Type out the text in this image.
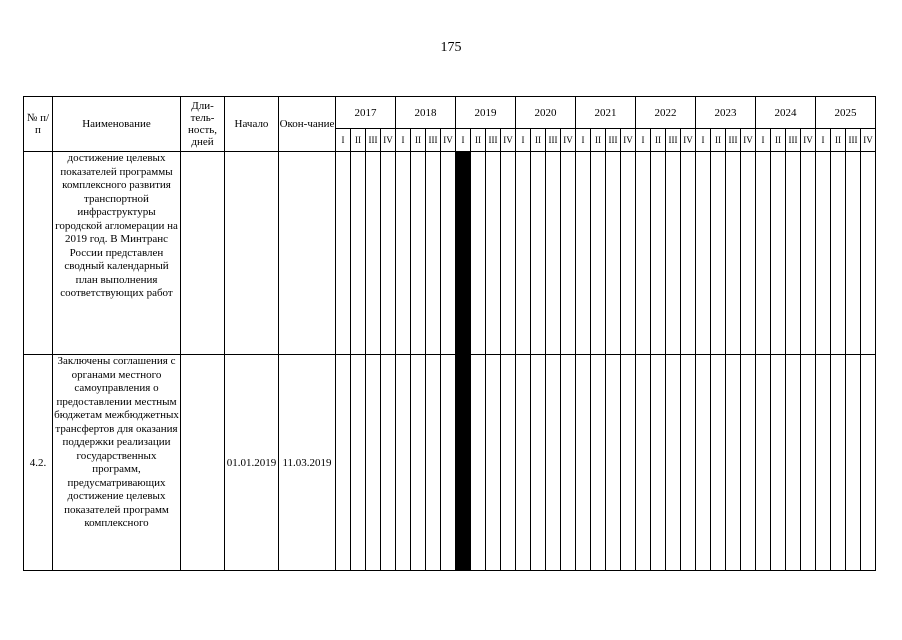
175
№ п/п	Наименование	Дли-тель-ность, дней	Начало	Окон-чание	2017				2018				2019				2020				2021				2022				2023				2024				2025			
					I	II	III	IV	I	II	III	IV	I	II	III	IV	I	II	III	IV	I	II	III	IV	I	II	III	IV	I	II	III	IV	I	II	III	IV	I	II	III	IV
	достижение целевых показателей программы комплексного развития транспортной инфраструктуры городской агломерации на 2019 год. В Минтранс России представлен сводный календарный план выполнения соответствующих работ																																							
4.2.	Заключены соглашения с органами местного самоуправления о предоставлении местным бюджетам межбюджетных трансфертов для оказания поддержки реализации государственных программ, предусматривающих достижение целевых показателей программ комплексного		01.01.2019	11.03.2019																																				
